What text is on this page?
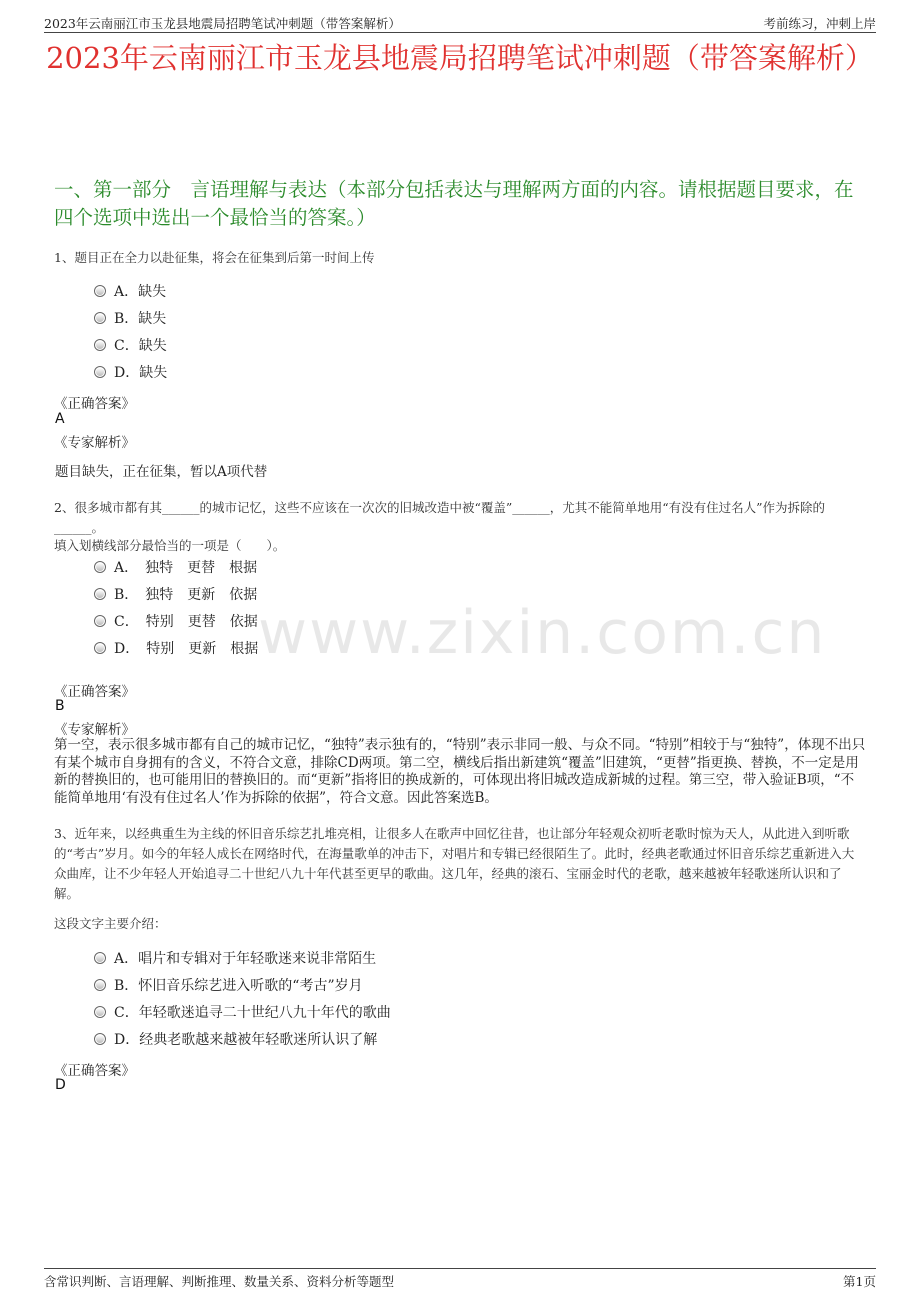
2023年云南丽江市玉龙县地震局招聘笔试冲刺题（带答案解析）	考前练习，冲刺上岸
2023年云南丽江市玉龙县地震局招聘笔试冲刺题（带答案解析）
一、第一部分　言语理解与表达（本部分包括表达与理解两方面的内容。请根据题目要求，在四个选项中选出一个最恰当的答案。）
1、题目正在全力以赴征集，将会在征集到后第一时间上传
A．缺失
B．缺失
C．缺失
D．缺失
《正确答案》
A
《专家解析》
题目缺失，正在征集，暂以A项代替
2、很多城市都有其______的城市记忆，这些不应该在一次次的旧城改造中被“覆盖”______，尤其不能简单地用“有没有住过名人”作为拆除的______。
填入划横线部分最恰当的一项是（　　）。
A．　独特　更替　根据
B．　独特　更新　依据
C．　特别　更替　依据
D．　特别　更新　根据
《正确答案》
B
《专家解析》
第一空，表示很多城市都有自己的城市记忆，“独特”表示独有的，“特别”表示非同一般、与众不同。“特别”相较于与“独特”，体现不出只有某个城市自身拥有的含义，不符合文意，排除CD两项。第二空，横线后指出新建筑“覆盖”旧建筑，“更替”指更换、替换，不一定是用新的替换旧的，也可能用旧的替换旧的。而“更新”指将旧的换成新的，可体现出将旧城改造成新城的过程。第三空，带入验证B项，“不能简单地用‘有没有住过名人’作为拆除的依据”，符合文意。因此答案选B。
3、近年来，以经典重生为主线的怀旧音乐综艺扎堆亮相，让很多人在歌声中回忆往昔，也让部分年轻观众初听老歌时惊为天人，从此进入到听歌的“考古”岁月。如今的年轻人成长在网络时代，在海量歌单的冲击下，对唱片和专辑已经很陌生了。此时，经典老歌通过怀旧音乐综艺重新进入大众曲库，让不少年轻人开始追寻二十世纪八九十年代甚至更早的歌曲。这几年，经典的滚石、宝丽金时代的老歌，越来越被年轻歌迷所认识和了解。
这段文字主要介绍：
A．唱片和专辑对于年轻歌迷来说非常陌生
B．怀旧音乐综艺进入听歌的“考古”岁月
C．年轻歌迷追寻二十世纪八九十年代的歌曲
D．经典老歌越来越被年轻歌迷所认识了解
《正确答案》
D
www.zixin.com.cn
含常识判断、言语理解、判断推理、数量关系、资料分析等题型	第1页
